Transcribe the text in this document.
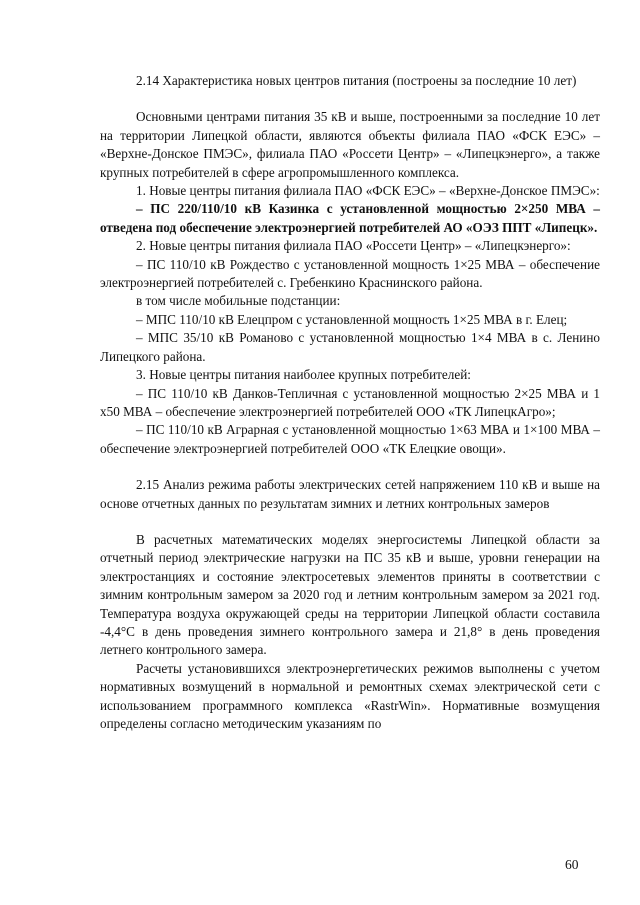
2.14 Характеристика новых центров питания (построены за последние 10 лет)

Основными центрами питания 35 кВ и выше, построенными за последние 10 лет на территории Липецкой области, являются объекты филиала ПАО «ФСК ЕЭС» – «Верхне-Донское ПМЭС», филиала ПАО «Россети Центр» – «Липецкэнерго», а также крупных потребителей в сфере агропромышленного комплекса.

1. Новые центры питания филиала ПАО «ФСК ЕЭС» – «Верхне-Донское ПМЭС»:

– ПС 220/110/10 кВ Казинка с установленной мощностью 2×250 МВА – отведена под обеспечение электроэнергией потребителей АО «ОЭЗ ППТ «Липецк».

2. Новые центры питания филиала ПАО «Россети Центр» – «Липецкэнерго»:

– ПС 110/10 кВ Рождество с установленной мощность 1×25 МВА – обеспечение электроэнергией потребителей с. Гребенкино Краснинского района.

в том числе мобильные подстанции:

– МПС 110/10 кВ Елецпром с установленной мощность 1×25 МВА в г. Елец;

– МПС 35/10 кВ Романово с установленной мощностью 1×4 МВА в с. Ленино Липецкого района.

3. Новые центры питания наиболее крупных потребителей:

– ПС 110/10 кВ Данков-Тепличная с установленной мощностью 2×25 МВА и 1 х50 МВА – обеспечение электроэнергией потребителей ООО «ТК ЛипецкАгро»;

– ПС 110/10 кВ Аграрная с установленной мощностью 1×63 МВА и 1×100 МВА – обеспечение электроэнергией потребителей ООО «ТК Елецкие овощи».

2.15 Анализ режима работы электрических сетей напряжением 110 кВ и выше на основе отчетных данных по результатам зимних и летних контрольных замеров

В расчетных математических моделях энергосистемы Липецкой области за отчетный период электрические нагрузки на ПС 35 кВ и выше, уровни генерации на электростанциях и состояние электросетевых элементов приняты в соответствии с зимним контрольным замером за 2020 год и летним контрольным замером за 2021 год. Температура воздуха окружающей среды на территории Липецкой области составила -4,4°С в день проведения зимнего контрольного замера и 21,8° в день проведения летнего контрольного замера.

Расчеты установившихся электроэнергетических режимов выполнены с учетом нормативных возмущений в нормальной и ремонтных схемах электрической сети с использованием программного комплекса «RastrWin». Нормативные возмущения определены согласно методическим указаниям по

60
